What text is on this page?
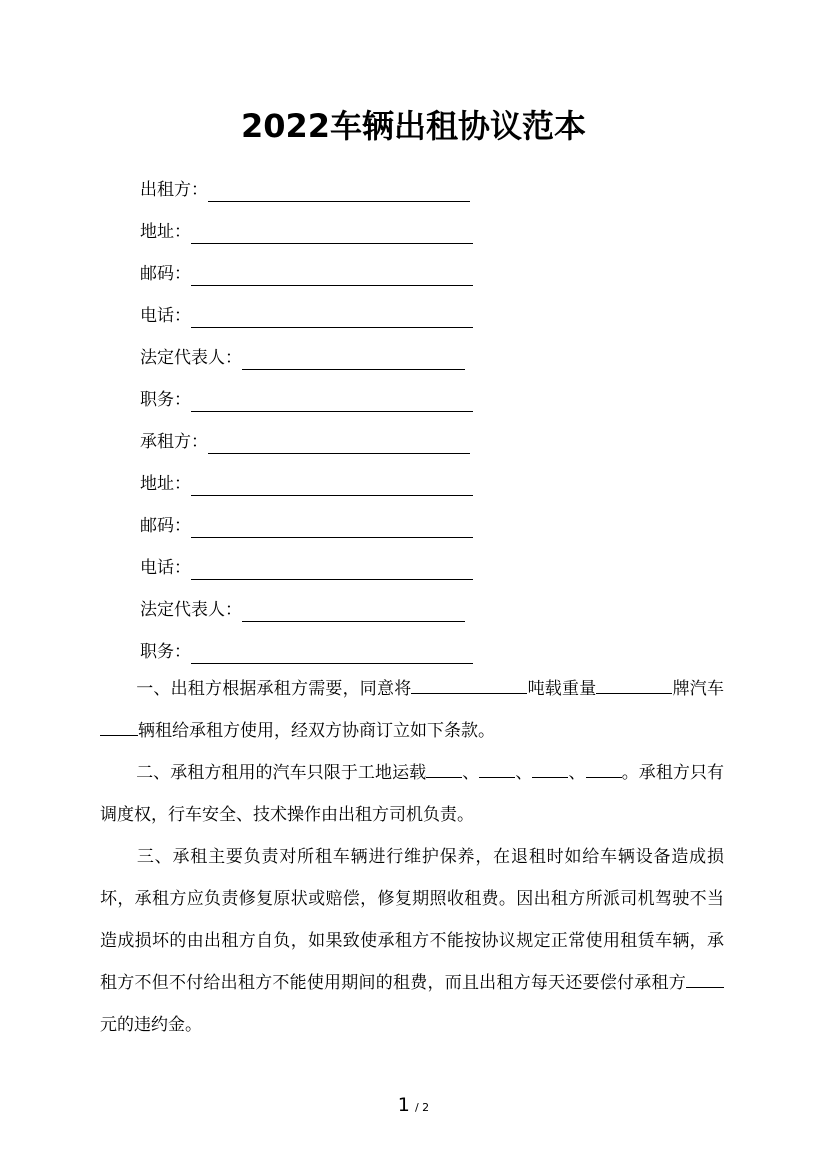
2022车辆出租协议范本
出租方：
地址：
邮码：
电话：
法定代表人：
职务：
承租方：
地址：
邮码：
电话：
法定代表人：
职务：
一、出租方根据承租方需要，同意将	吨载重量	牌汽车辆租给承租方使用，经双方协商订立如下条款。
二、承租方租用的汽车只限于工地运载 、 、 、 。承租方只有调度权，行车安全、技术操作由出租方司机负责。
三、承租主要负责对所租车辆进行维护保养，在退租时如给车辆设备造成损坏，承租方应负责修复原状或赔偿，修复期照收租费。因出租方所派司机驾驶不当造成损坏的由出租方自负，如果致使承租方不能按协议规定正常使用租赁车辆，承租方不但不付给出租方不能使用期间的租费，而且出租方每天还要偿付承租方元的违约金。
1 / 2
